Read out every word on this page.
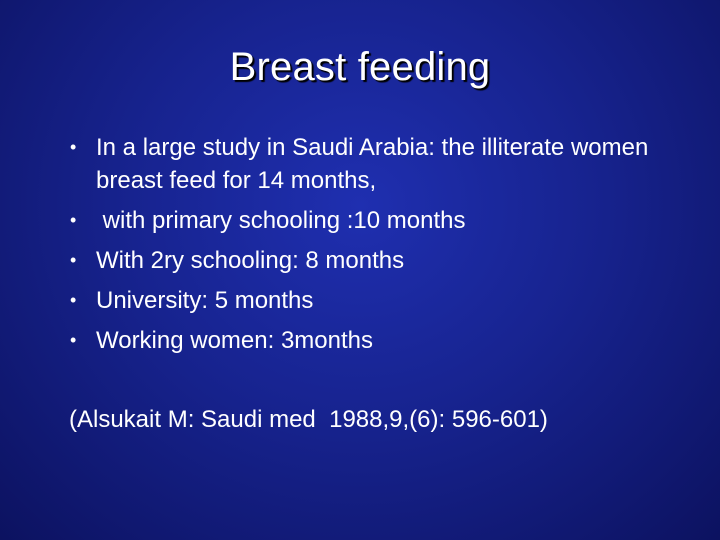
Breast feeding
• In a large study in Saudi Arabia: the illiterate women breast feed for 14 months,
• with primary schooling :10 months
• With 2ry schooling: 8 months
• University: 5 months
• Working women: 3months
(Alsukait M: Saudi med  1988,9,(6): 596-601)
